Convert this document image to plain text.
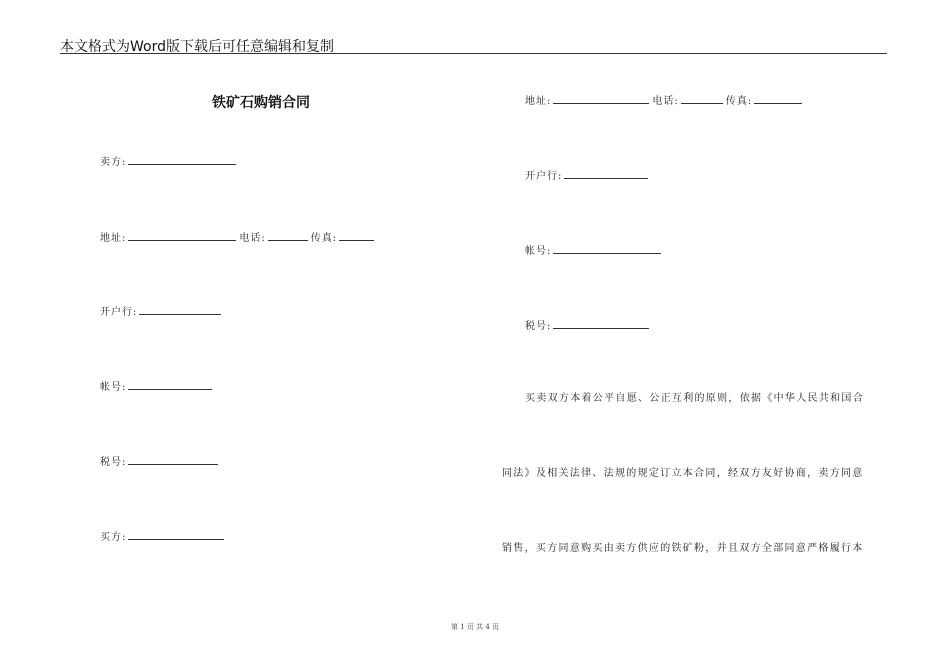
本文格式为Word版下载后可任意编辑和复制
铁矿石购销合同
卖方:
地址:	电话:	传真:
开户行:
帐号:
税号:
买方:
地址:	电话:	传真:
开户行:
帐号:
税号:
买卖双方本着公平自愿、公正互利的原则，依据《中华人民共和国合
同法》及相关法律、法规的规定订立本合同，经双方友好协商，卖方同意
销售，买方同意购买由卖方供应的铁矿粉，并且双方全部同意严格履行本
第 1 页 共 4 页
